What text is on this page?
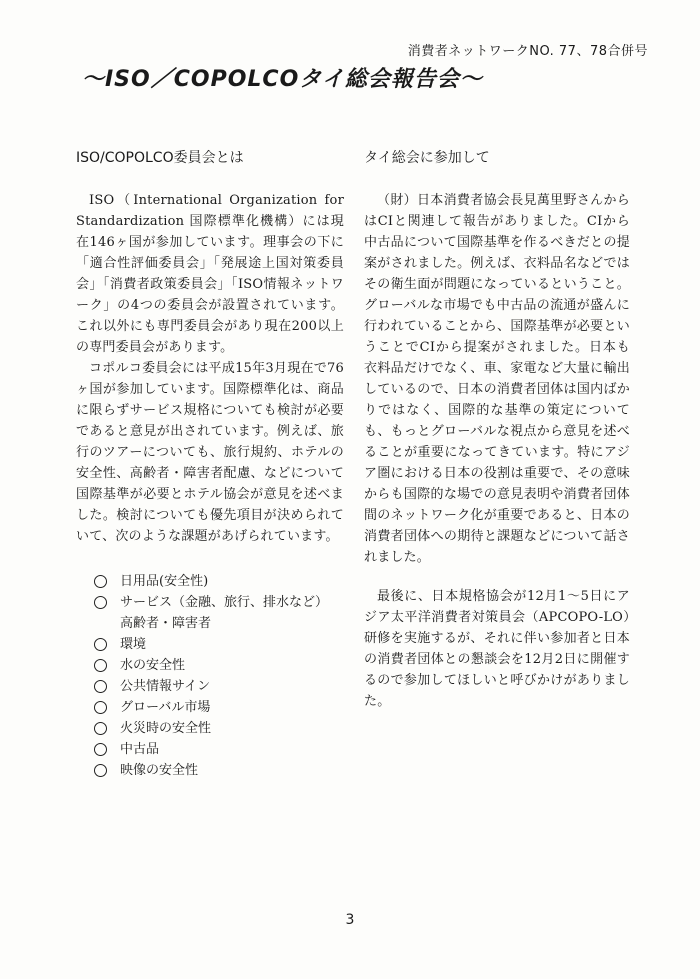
消費者ネットワークNO. 77、78合併号
～ISO／COPOLCOタイ総会報告会～
ISO/COPOLCO委員会とは

ISO（International Organization for Standardization 国際標準化機構）には現在146ヶ国が参加しています。理事会の下に「適合性評価委員会」「発展途上国対策委員会」「消費者政策委員会」「ISO情報ネットワーク」の4つの委員会が設置されています。これ以外にも専門委員会があり現在200以上の専門委員会があります。

コポルコ委員会には平成15年3月現在で76ヶ国が参加しています。国際標準化は、商品に限らずサービス規格についても検討が必要であると意見が出されています。例えば、旅行のツアーについても、旅行規約、ホテルの安全性、高齢者・障害者配慮、などについて国際基準が必要とホテル協会が意見を述べました。検討についても優先項目が決められていて、次のような課題があげられています。

日用品(安全性)
サービス（金融、旅行、排水など）
高齢者・障害者
環境
水の安全性
公共情報サイン
グローバル市場
火災時の安全性
中古品
映像の安全性
タイ総会に参加して

（財）日本消費者協会長見萬里野さんからはCIと関連して報告がありました。CIから中古品について国際基準を作るべきだとの提案がされました。例えば、衣料品名などではその衛生面が問題になっているということ。グローバルな市場でも中古品の流通が盛んに行われていることから、国際基準が必要ということでCIから提案がされました。日本も衣料品だけでなく、車、家電など大量に輸出しているので、日本の消費者団体は国内ばかりではなく、国際的な基準の策定についても、もっとグローバルな視点から意見を述べることが重要になってきています。特にアジア圏における日本の役割は重要で、その意味からも国際的な場での意見表明や消費者団体間のネットワーク化が重要であると、日本の消費者団体への期待と課題などについて話されました。

最後に、日本規格協会が12月1～5日にアジア太平洋消費者対策員会（APCOPO-LO）研修を実施するが、それに伴い参加者と日本の消費者団体との懇談会を12月2日に開催するので参加してほしいと呼びかけがありました。

3
